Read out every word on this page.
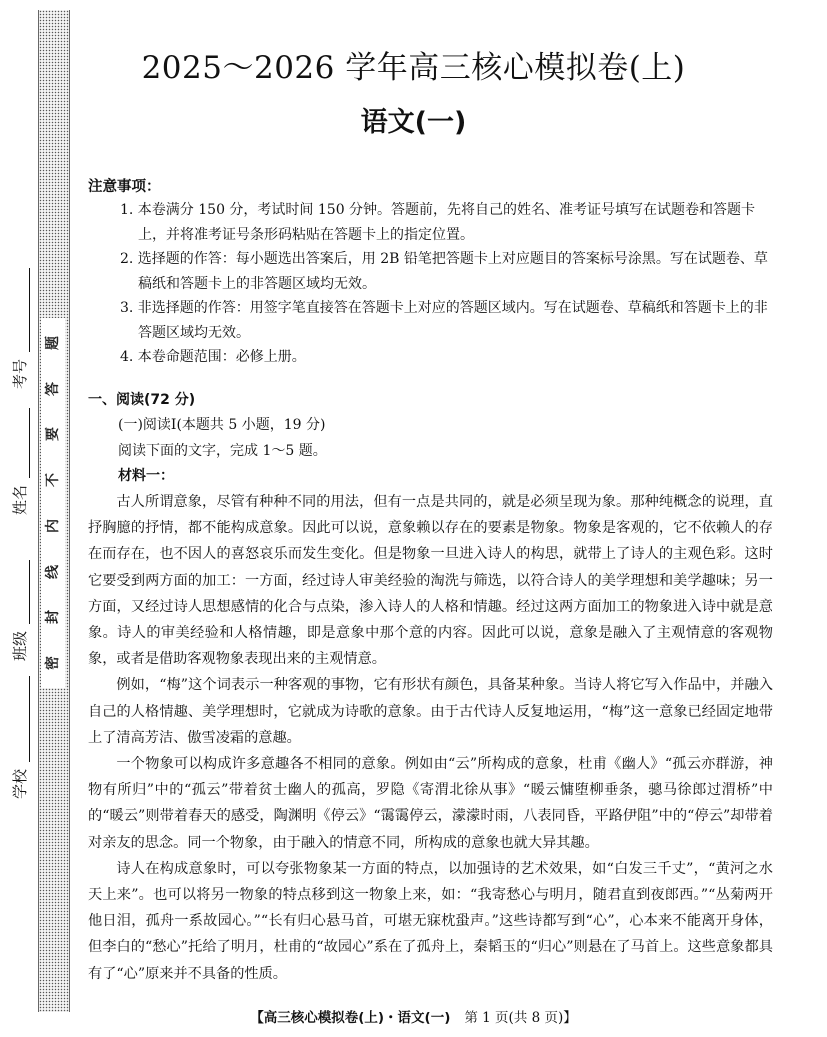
题
答
要
不
内
线
封
密
考号
姓名
班级
学校
2025～2026 学年高三核心模拟卷(上)
语文(一)
注意事项：
1. 本卷满分 150 分，考试时间 150 分钟。答题前，先将自己的姓名、准考证号填写在试题卷和答题卡上，并将准考证号条形码粘贴在答题卡上的指定位置。
2. 选择题的作答：每小题选出答案后，用 2B 铅笔把答题卡上对应题目的答案标号涂黑。写在试题卷、草稿纸和答题卡上的非答题区域均无效。
3. 非选择题的作答：用签字笔直接答在答题卡上对应的答题区域内。写在试题卷、草稿纸和答题卡上的非答题区域均无效。
4. 本卷命题范围：必修上册。
一、阅读(72 分)
(一)阅读Ⅰ(本题共 5 小题，19 分)
阅读下面的文字，完成 1～5 题。
材料一：

古人所谓意象，尽管有种种不同的用法，但有一点是共同的，就是必须呈现为象。那种纯概念的说理，直抒胸臆的抒情，都不能构成意象。因此可以说，意象赖以存在的要素是物象。物象是客观的，它不依赖人的存在而存在，也不因人的喜怒哀乐而发生变化。但是物象一旦进入诗人的构思，就带上了诗人的主观色彩。这时它要受到两方面的加工：一方面，经过诗人审美经验的淘洗与筛选，以符合诗人的美学理想和美学趣味；另一方面，又经过诗人思想感情的化合与点染，渗入诗人的人格和情趣。经过这两方面加工的物象进入诗中就是意象。诗人的审美经验和人格情趣，即是意象中那个意的内容。因此可以说，意象是融入了主观情意的客观物象，或者是借助客观物象表现出来的主观情意。

例如，“梅”这个词表示一种客观的事物，它有形状有颜色，具备某种象。当诗人将它写入作品中，并融入自己的人格情趣、美学理想时，它就成为诗歌的意象。由于古代诗人反复地运用，“梅”这一意象已经固定地带上了清高芳洁、傲雪凌霜的意趣。

一个物象可以构成许多意趣各不相同的意象。例如由“云”所构成的意象，杜甫《幽人》“孤云亦群游，神物有所归”中的“孤云”带着贫士幽人的孤高，罗隐《寄渭北徐从事》“暖云慵堕柳垂条，骢马徐郎过渭桥”中的“暖云”则带着春天的感受，陶渊明《停云》“霭霭停云，濛濛时雨，八表同昏，平路伊阻”中的“停云”却带着对亲友的思念。同一个物象，由于融入的情意不同，所构成的意象也就大异其趣。

诗人在构成意象时，可以夸张物象某一方面的特点，以加强诗的艺术效果，如“白发三千丈”，“黄河之水天上来”。也可以将另一物象的特点移到这一物象上来，如：“我寄愁心与明月，随君直到夜郎西。”“丛菊两开他日泪，孤舟一系故园心。”“长有归心悬马首，可堪无寐枕蛩声。”这些诗都写到“心”，心本来不能离开身体，但李白的“愁心”托给了明月，杜甫的“故园心”系在了孤舟上，秦韬玉的“归心”则悬在了马首上。这些意象都具有了“心”原来并不具备的性质。

【高三核心模拟卷(上)・语文(一) 第 1 页(共 8 页)】
